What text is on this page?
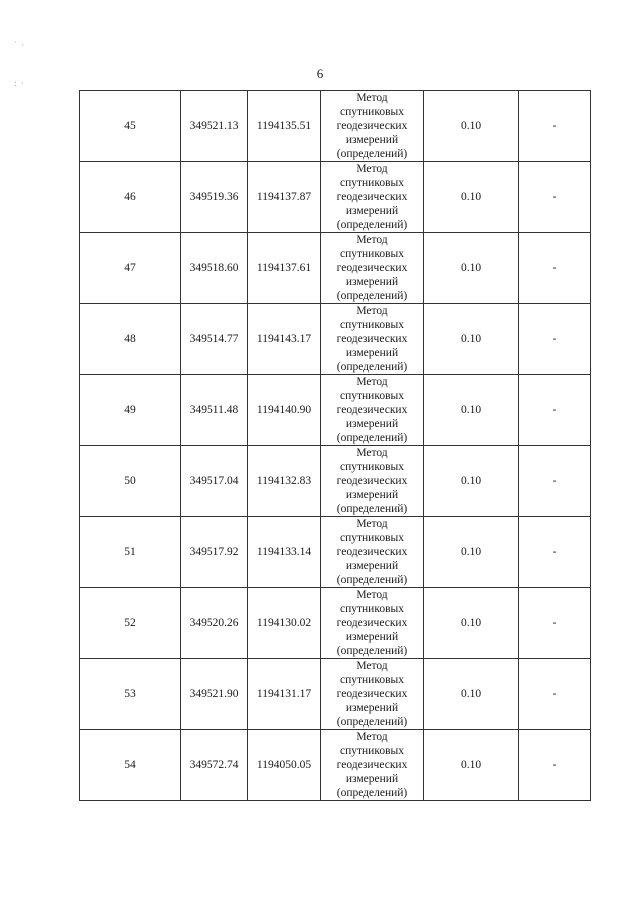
˙ ·
: ·
6
45	349521.13	1194135.51	Метод
спутниковых
геодезических
измерений
(определений)	0.10	-
46	349519.36	1194137.87	Метод
спутниковых
геодезических
измерений
(определений)	0.10	-
47	349518.60	1194137.61	Метод
спутниковых
геодезических
измерений
(определений)	0.10	-
48	349514.77	1194143.17	Метод
спутниковых
геодезических
измерений
(определений)	0.10	-
49	349511.48	1194140.90	Метод
спутниковых
геодезических
измерений
(определений)	0.10	-
50	349517.04	1194132.83	Метод
спутниковых
геодезических
измерений
(определений)	0.10	-
51	349517.92	1194133.14	Метод
спутниковых
геодезических
измерений
(определений)	0.10	-
52	349520.26	1194130.02	Метод
спутниковых
геодезических
измерений
(определений)	0.10	-
53	349521.90	1194131.17	Метод
спутниковых
геодезических
измерений
(определений)	0.10	-
54	349572.74	1194050.05	Метод
спутниковых
геодезических
измерений
(определений)	0.10	-
